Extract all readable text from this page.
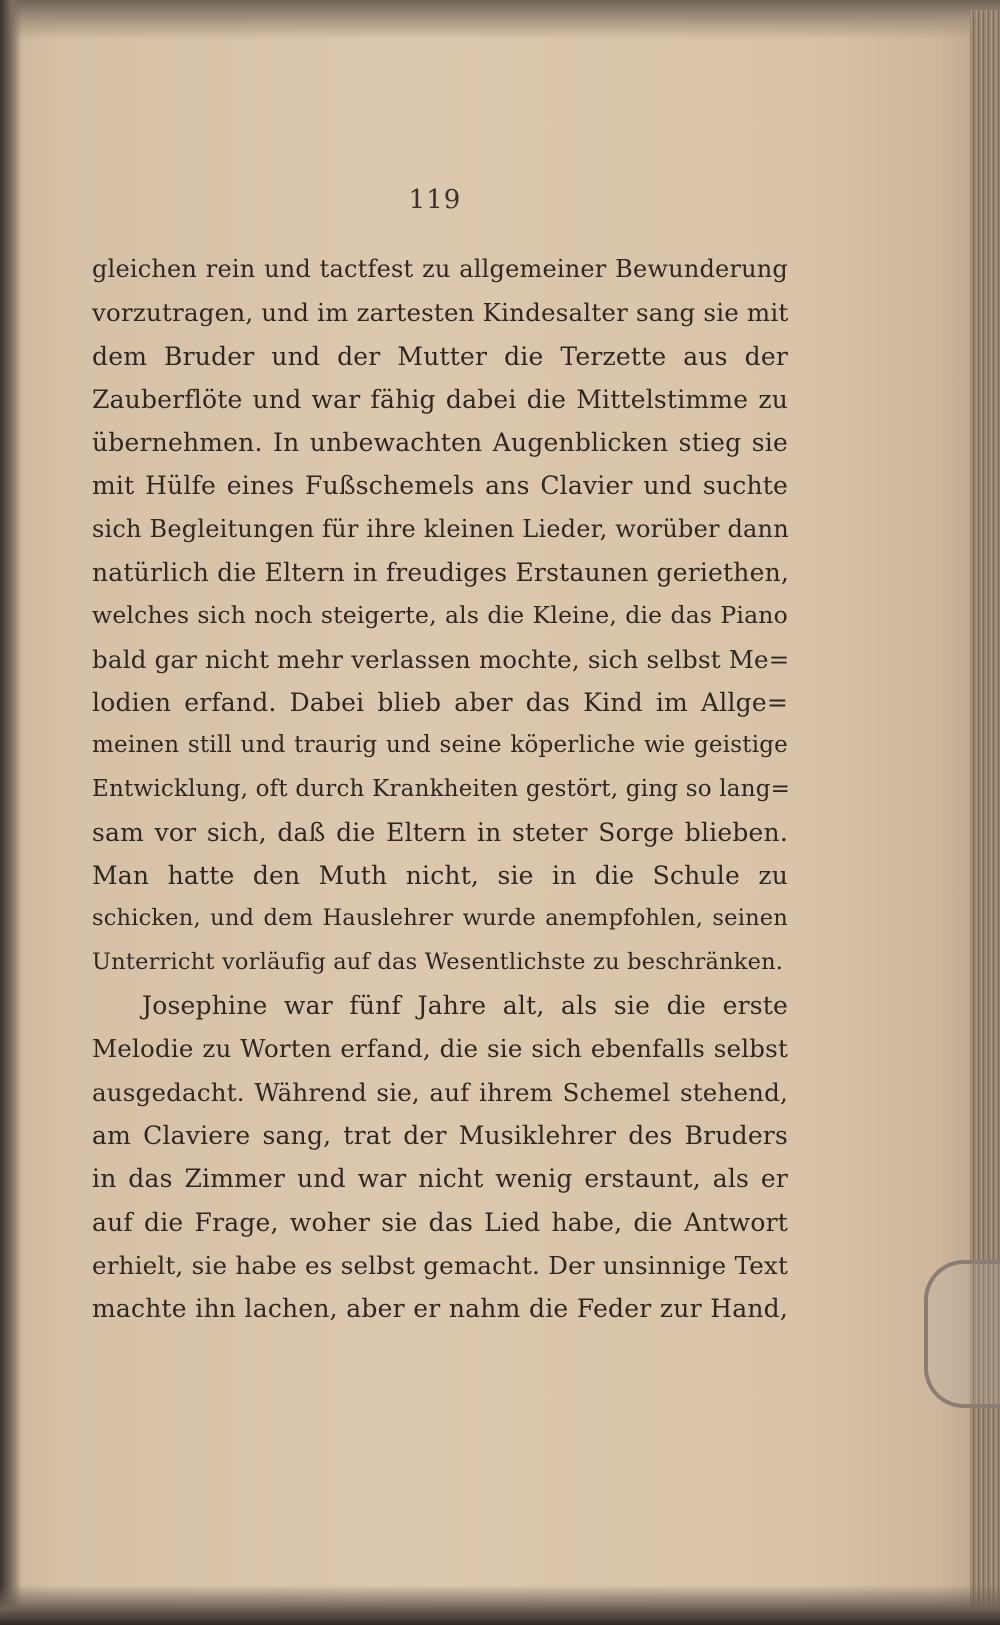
119
gleichen rein und tactfest zu allgemeiner Bewunderung
vorzutragen, und im zartesten Kindesalter sang sie mit
dem Bruder und der Mutter die Terzette aus der
Zauberflöte und war fähig dabei die Mittelstimme zu
übernehmen. In unbewachten Augenblicken stieg sie
mit Hülfe eines Fußschemels ans Clavier und suchte
sich Begleitungen für ihre kleinen Lieder, worüber dann
natürlich die Eltern in freudiges Erstaunen geriethen,
welches sich noch steigerte, als die Kleine, die das Piano
bald gar nicht mehr verlassen mochte, sich selbst Me=
lodien erfand. Dabei blieb aber das Kind im Allge=
meinen still und traurig und seine köperliche wie geistige
Entwicklung, oft durch Krankheiten gestört, ging so lang=
sam vor sich, daß die Eltern in steter Sorge blieben.
Man hatte den Muth nicht, sie in die Schule zu
schicken, und dem Hauslehrer wurde anempfohlen, seinen
Unterricht vorläufig auf das Wesentlichste zu beschränken.
Josephine war fünf Jahre alt, als sie die erste
Melodie zu Worten erfand, die sie sich ebenfalls selbst
ausgedacht. Während sie, auf ihrem Schemel stehend,
am Claviere sang, trat der Musiklehrer des Bruders
in das Zimmer und war nicht wenig erstaunt, als er
auf die Frage, woher sie das Lied habe, die Antwort
erhielt, sie habe es selbst gemacht. Der unsinnige Text
machte ihn lachen, aber er nahm die Feder zur Hand,
